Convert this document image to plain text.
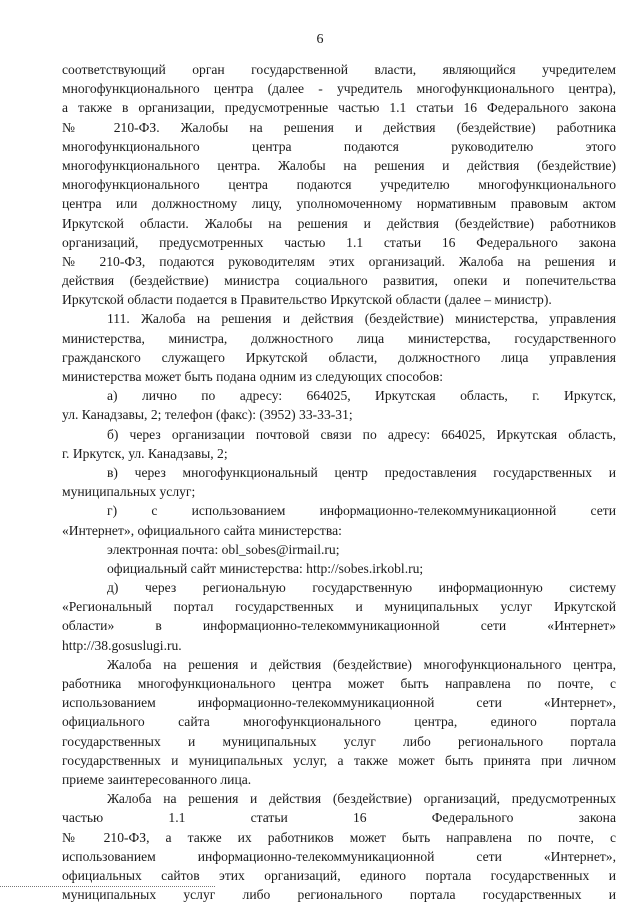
6
соответствующий орган государственной власти, являющийся учредителем
многофункционального центра (далее - учредитель многофункционального центра),
а также в организации, предусмотренные частью 1.1 статьи 16 Федерального закона
№ 210-ФЗ. Жалобы на решения и действия (бездействие) работника
многофункционального центра подаются руководителю этого
многофункционального центра. Жалобы на решения и действия (бездействие)
многофункционального центра подаются учредителю многофункционального
центра или должностному лицу, уполномоченному нормативным правовым актом
Иркутской области. Жалобы на решения и действия (бездействие) работников
организаций, предусмотренных частью 1.1 статьи 16 Федерального закона
№ 210-ФЗ, подаются руководителям этих организаций. Жалоба на решения и
действия (бездействие) министра социального развития, опеки и попечительства
Иркутской области подается в Правительство Иркутской области (далее – министр).
111. Жалоба на решения и действия (бездействие) министерства, управления
министерства, министра, должностного лица министерства, государственного
гражданского служащего Иркутской области, должностного лица управления
министерства может быть подана одним из следующих способов:
а) лично по адресу: 664025, Иркутская область, г. Иркутск,
ул. Канадзавы, 2; телефон (факс): (3952) 33-33-31;
б) через организации почтовой связи по адресу: 664025, Иркутская область,
г. Иркутск, ул. Канадзавы, 2;
в) через многофункциональный центр предоставления государственных и
муниципальных услуг;
г) с использованием информационно-телекоммуникационной сети
«Интернет», официального сайта министерства:
электронная почта: obl_sobes@irmail.ru;
официальный сайт министерства: http://sobes.irkobl.ru;
д) через региональную государственную информационную систему
«Региональный портал государственных и муниципальных услуг Иркутской
области» в информационно-телекоммуникационной сети «Интернет»
http://38.gosuslugi.ru.
Жалоба на решения и действия (бездействие) многофункционального центра,
работника многофункционального центра может быть направлена по почте, с
использованием информационно-телекоммуникационной сети «Интернет»,
официального сайта многофункционального центра, единого портала
государственных и муниципальных услуг либо регионального портала
государственных и муниципальных услуг, а также может быть принята при личном
приеме заинтересованного лица.
Жалоба на решения и действия (бездействие) организаций, предусмотренных
частью 1.1 статьи 16 Федерального закона
№ 210-ФЗ, а также их работников может быть направлена по почте, с
использованием информационно-телекоммуникационной сети «Интернет»,
официальных сайтов этих организаций, единого портала государственных и
муниципальных услуг либо регионального портала государственных и
